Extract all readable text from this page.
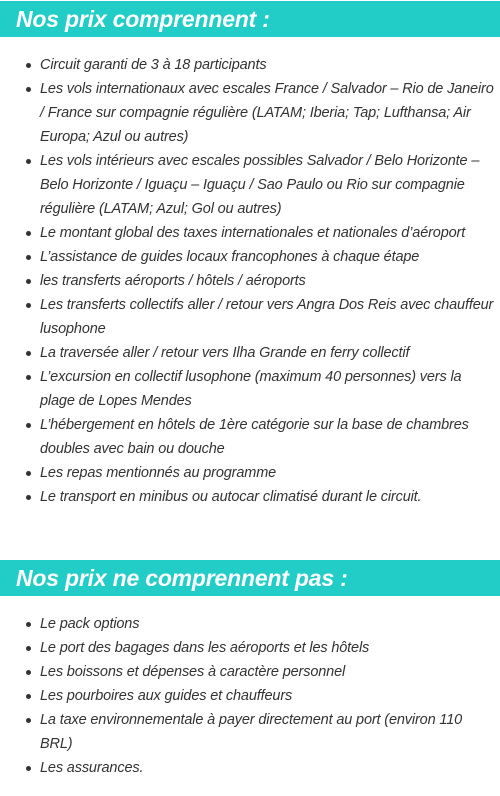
Nos prix comprennent :
Circuit garanti de 3 à 18 participants
Les vols internationaux avec escales France / Salvador – Rio de Janeiro / France sur compagnie régulière (LATAM; Iberia; Tap; Lufthansa; Air Europa; Azul ou autres)
Les vols intérieurs avec escales possibles Salvador / Belo Horizonte – Belo Horizonte / Iguaçu – Iguaçu / Sao Paulo ou Rio sur compagnie régulière (LATAM; Azul; Gol ou autres)
Le montant global des taxes internationales et nationales d’aéroport
L’assistance de guides locaux francophones à chaque étape
les transferts aéroports / hôtels / aéroports
Les transferts collectifs aller / retour vers Angra Dos Reis avec chauffeur lusophone
La traversée aller / retour vers Ilha Grande en ferry collectif
L’excursion en collectif lusophone (maximum 40 personnes) vers la plage de Lopes Mendes
L’hébergement en hôtels de 1ère catégorie sur la base de chambres doubles avec bain ou douche
Les repas mentionnés au programme
Le transport en minibus ou autocar climatisé durant le circuit.
Nos prix ne comprennent pas :
Le pack options
Le port des bagages dans les aéroports et les hôtels
Les boissons et dépenses à caractère personnel
Les pourboires aux guides et chauffeurs
La taxe environnementale à payer directement au port (environ 110 BRL)
Les assurances.
